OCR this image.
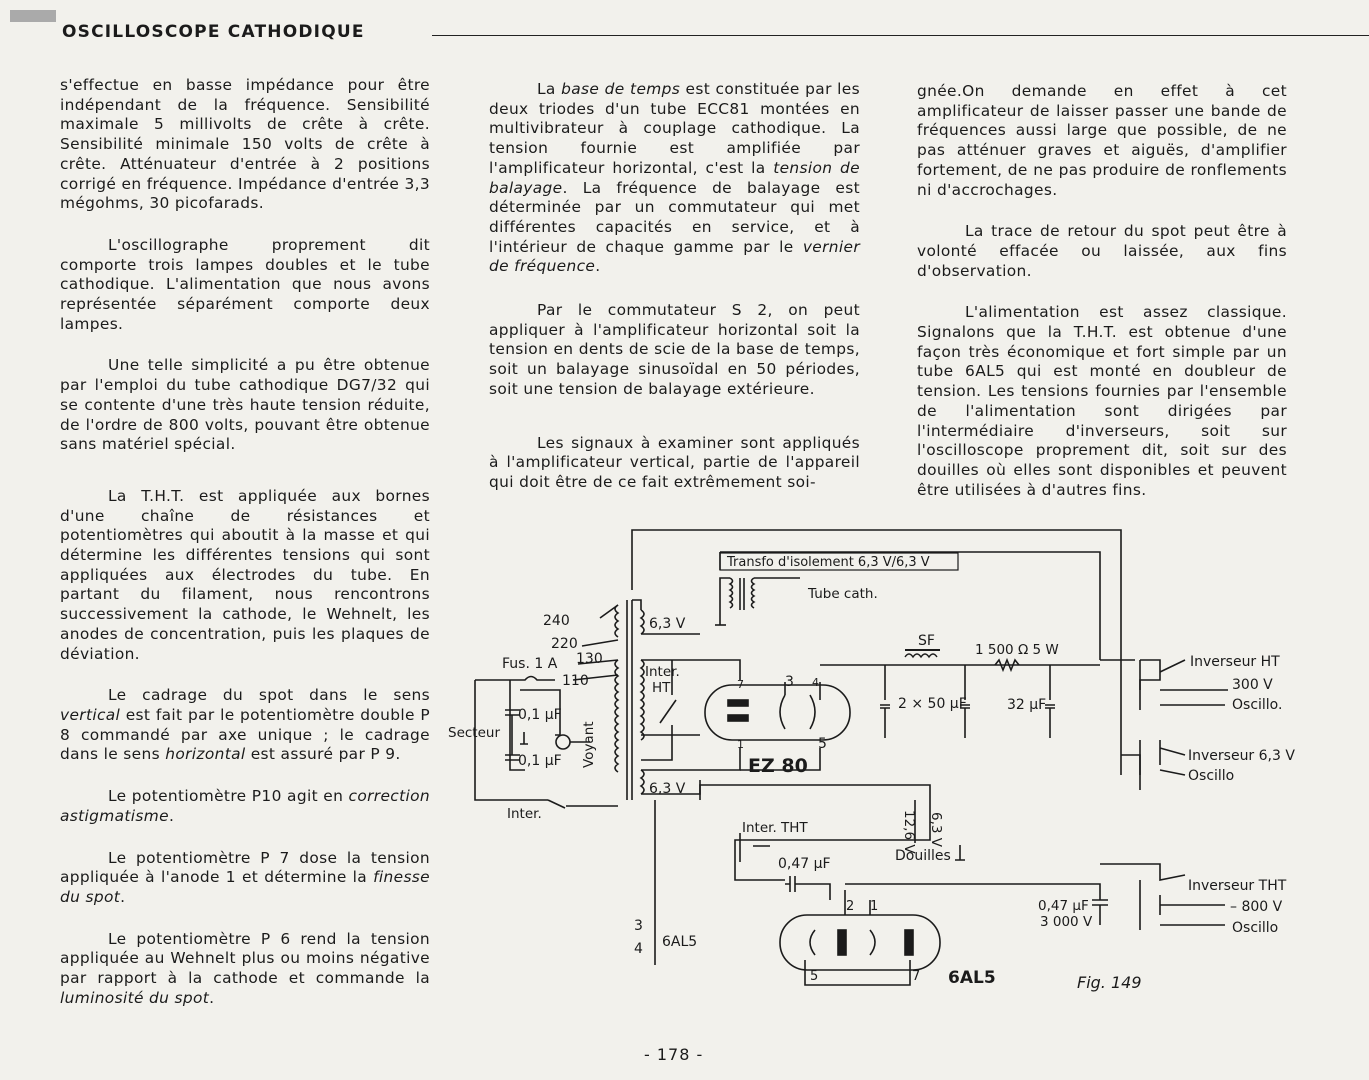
OSCILLOSCOPE CATHODIQUE

s'effectue en basse impédance pour être indépendant de la fréquence. Sensibilité maximale 5 millivolts de crête à crête. Sensibilité minimale 150 volts de crête à crête. Atténuateur d'entrée à 2 positions corrigé en fréquence. Impédance d'entrée 3,3 mégohms, 30 picofarads.

L'oscillographe proprement dit comporte trois lampes doubles et le tube cathodique. L'alimentation que nous avons représentée séparément comporte deux lampes.

Une telle simplicité a pu être obtenue par l'emploi du tube cathodique DG7/32 qui se contente d'une très haute tension réduite, de l'ordre de 800 volts, pouvant être obtenue sans matériel spécial.

La T.H.T. est appliquée aux bornes d'une chaîne de résistances et potentiomètres qui aboutit à la masse et qui détermine les différentes tensions qui sont appliquées aux électrodes du tube. En partant du filament, nous rencontrons successivement la cathode, le Wehnelt, les anodes de concentration, puis les plaques de déviation.

Le cadrage du spot dans le sens vertical est fait par le potentiomètre double P 8 commandé par axe unique ; le cadrage dans le sens horizontal est assuré par P 9.

Le potentiomètre P10 agit en correction astigmatisme.

Le potentiomètre P 7 dose la tension appliquée à l'anode 1 et détermine la finesse du spot.

Le potentiomètre P 6 rend la tension appliquée au Wehnelt plus ou moins négative par rapport à la cathode et commande la luminosité du spot.

La base de temps est constituée par les deux triodes d'un tube ECC81 montées en multivibrateur à couplage cathodique. La tension fournie est amplifiée par l'amplificateur horizontal, c'est la tension de balayage. La fréquence de balayage est déterminée par un commutateur qui met différentes capacités en service, et à l'intérieur de chaque gamme par le vernier de fréquence.

Par le commutateur S 2, on peut appliquer à l'amplificateur horizontal soit la tension en dents de scie de la base de temps, soit un balayage sinusoïdal en 50 périodes, soit une tension de balayage extérieure.

Les signaux à examiner sont appliqués à l'amplificateur vertical, partie de l'appareil qui doit être de ce fait extrêmement soi-

gnée.On demande en effet à cet amplificateur de laisser passer une bande de fréquences aussi large que possible, de ne pas atténuer graves et aiguës, d'amplifier fortement, de ne pas produire de ronflements ni d'accrochages.

La trace de retour du spot peut être à volonté effacée ou laissée, aux fins d'observation.

L'alimentation est assez classique. Signalons que la T.H.T. est obtenue d'une façon très économique et fort simple par un tube 6AL5 qui est monté en doubleur de tension. Les tensions fournies par l'ensemble de l'alimentation sont dirigées par l'intermédiaire d'inverseurs, soit sur l'oscilloscope proprement dit, soit sur des douilles où elles sont disponibles et peuvent être utilisées à d'autres fins.

Transfo d'isolement 6,3 V/6,3 V
Tube cath.
240
220
130
110
Fus. 1 A
6,3 V
6,3 V
Inter.
HT
0,1 µF
0,1 µF
Secteur	Voyant
Inter.
7
1
3 4
5
EZ 80
SF
1 500 Ω 5 W
2 × 50 µF	32 µF
Inverseur HT
300 V
Oscillo.
Inverseur 6,3 V
Oscillo
Inter. THT	12,6 V 6,3 V
Douilles
0,47 µF
2 1
5	7 6AL5
3
4 6AL5
0,47 µF
3 000 V
Inverseur THT
– 800 V
Oscillo
Fig. 149
- 178 -
